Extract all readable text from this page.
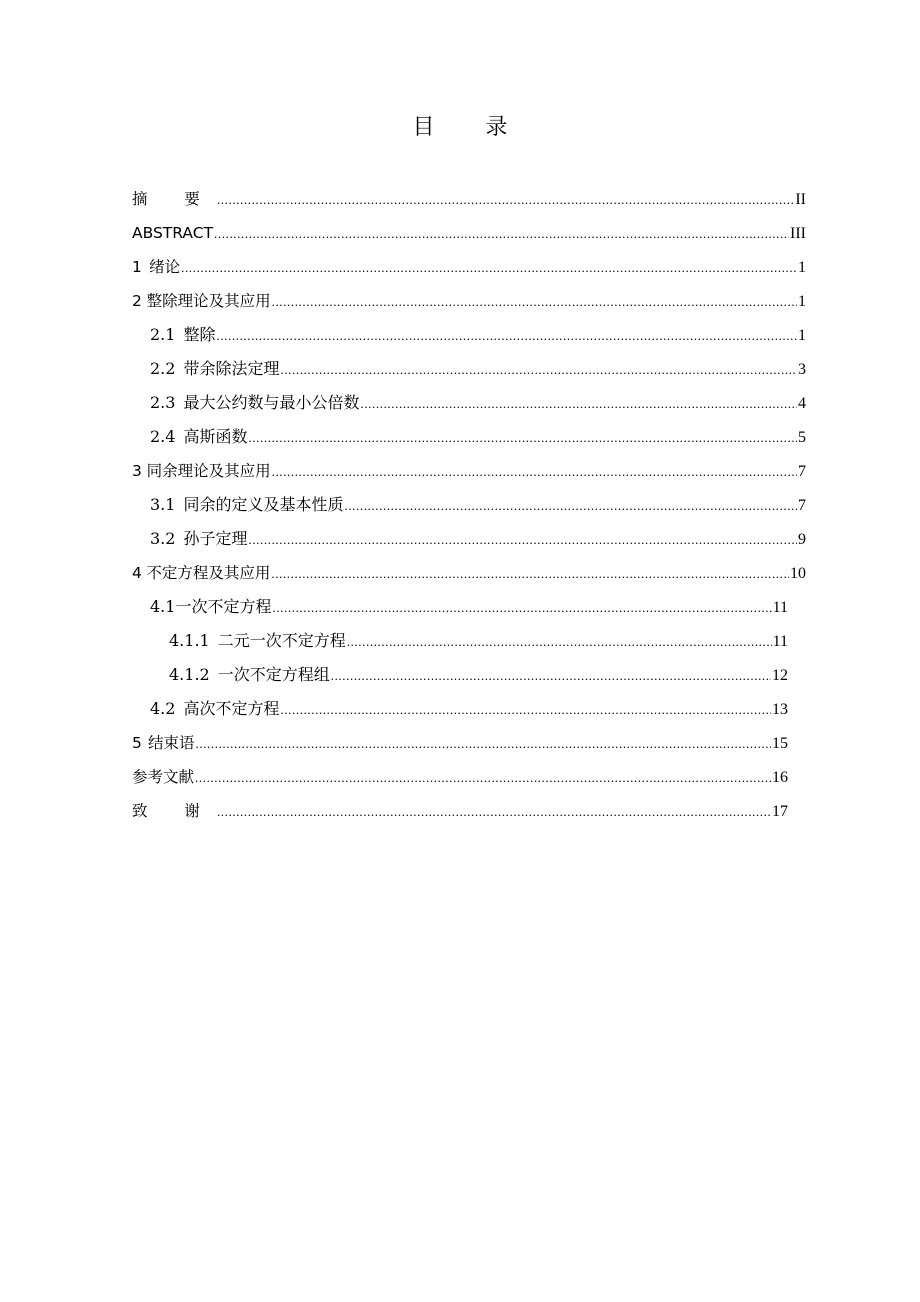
目 录
摘 要 .....	II
ABSTRACT .....	III
1 绪论 .....	1
2 整除理论及其应用 .....	1
2.1 整除 .....	1
2.2 带余除法定理 .....	3
2.3 最大公约数与最小公倍数 .....	4
2.4 高斯函数 .....	5
3 同余理论及其应用 .....	7
3.1 同余的定义及基本性质 .....	7
3.2 孙子定理 .....	9
4 不定方程及其应用 .....	10
4.1 一次不定方程 .....	11
4.1.1 二元一次不定方程 .....	11
4.1.2 一次不定方程组 .....	12
4.2 高次不定方程 .....	13
5 结束语 .....	15
参考文献 .....	16
致 谢 .....	17
